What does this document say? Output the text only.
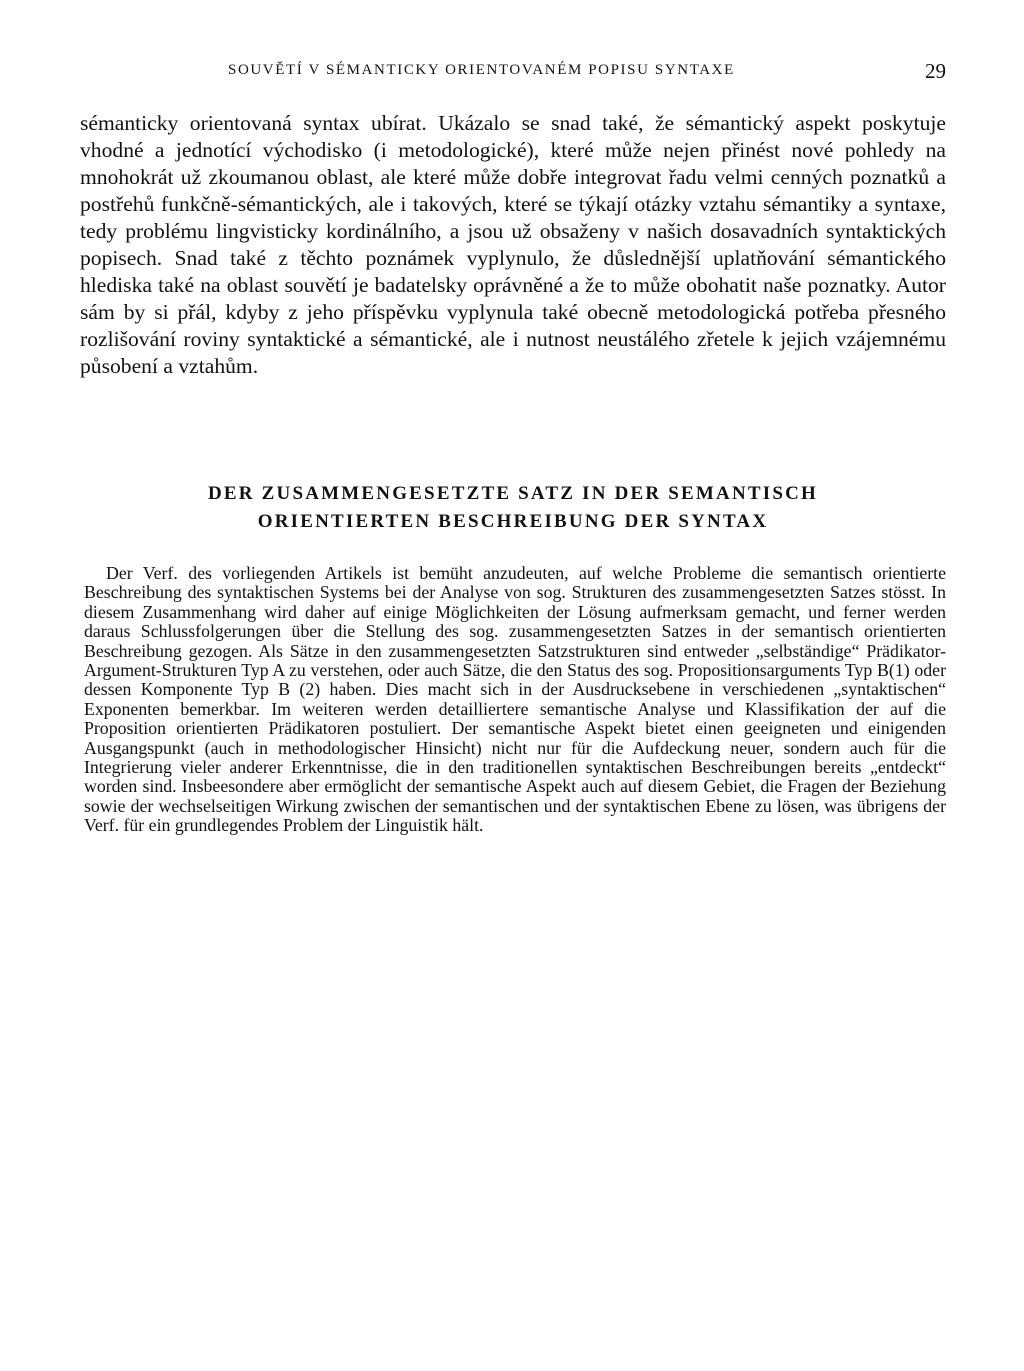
SOUVĚTÍ V SÉMANTICKY ORIENTOVANÉM POPISU SYNTAXE	29

sémanticky orientovaná syntax ubírat. Ukázalo se snad také, že sémantický aspekt poskytuje vhodné a jednotící východisko (i metodologické), které může nejen přinést nové pohledy na mnohokrát už zkoumanou oblast, ale které může dobře integrovat řadu velmi cenných poznatků a postřehů funkčně-sémantických, ale i takových, které se týkají otázky vztahu sémantiky a syntaxe, tedy problému lingvisticky kordinálního, a jsou už obsaženy v našich dosavadních syntaktických popisech. Snad také z těchto poznámek vyplynulo, že důslednější uplatňování sémantického hlediska také na oblast souvětí je badatelsky oprávněné a že to může obohatit naše poznatky. Autor sám by si přál, kdyby z jeho příspěvku vyplynula také obecně metodologická potřeba přesného rozlišování roviny syntaktické a sémantické, ale i nutnost neustálého zřetele k jejich vzájemnému působení a vztahům.

DER ZUSAMMENGESETZTE SATZ IN DER SEMANTISCH
ORIENTIERTEN BESCHREIBUNG DER SYNTAX

Der Verf. des vorliegenden Artikels ist bemüht anzudeuten, auf welche Probleme die semantisch orientierte Beschreibung des syntaktischen Systems bei der Analyse von sog. Strukturen des zusammengesetzten Satzes stösst. In diesem Zusammenhang wird daher auf einige Möglichkeiten der Lösung aufmerksam gemacht, und ferner werden daraus Schlussfolgerungen über die Stellung des sog. zusammengesetzten Satzes in der semantisch orientierten Beschreibung gezogen. Als Sätze in den zusammengesetzten Satzstrukturen sind entweder „selbständige“ Prädikator-Argument-Strukturen Typ A zu verstehen, oder auch Sätze, die den Status des sog. Propositionsarguments Typ B(1) oder dessen Komponente Typ B (2) haben. Dies macht sich in der Ausdrucksebene in verschiedenen „syntaktischen“ Exponenten bemerkbar. Im weiteren werden detailliertere semantische Analyse und Klassifikation der auf die Proposition orientierten Prädikatoren postuliert. Der semantische Aspekt bietet einen geeigneten und einigenden Ausgangspunkt (auch in methodologischer Hinsicht) nicht nur für die Aufdeckung neuer, sondern auch für die Integrierung vieler anderer Erkenntnisse, die in den traditionellen syntaktischen Beschreibungen bereits „entdeckt“ worden sind. Insbeesondere aber ermöglicht der semantische Aspekt auch auf diesem Gebiet, die Fragen der Beziehung sowie der wechselseitigen Wirkung zwischen der semantischen und der syntaktischen Ebene zu lösen, was übrigens der Verf. für ein grundlegendes Problem der Linguistik hält.
